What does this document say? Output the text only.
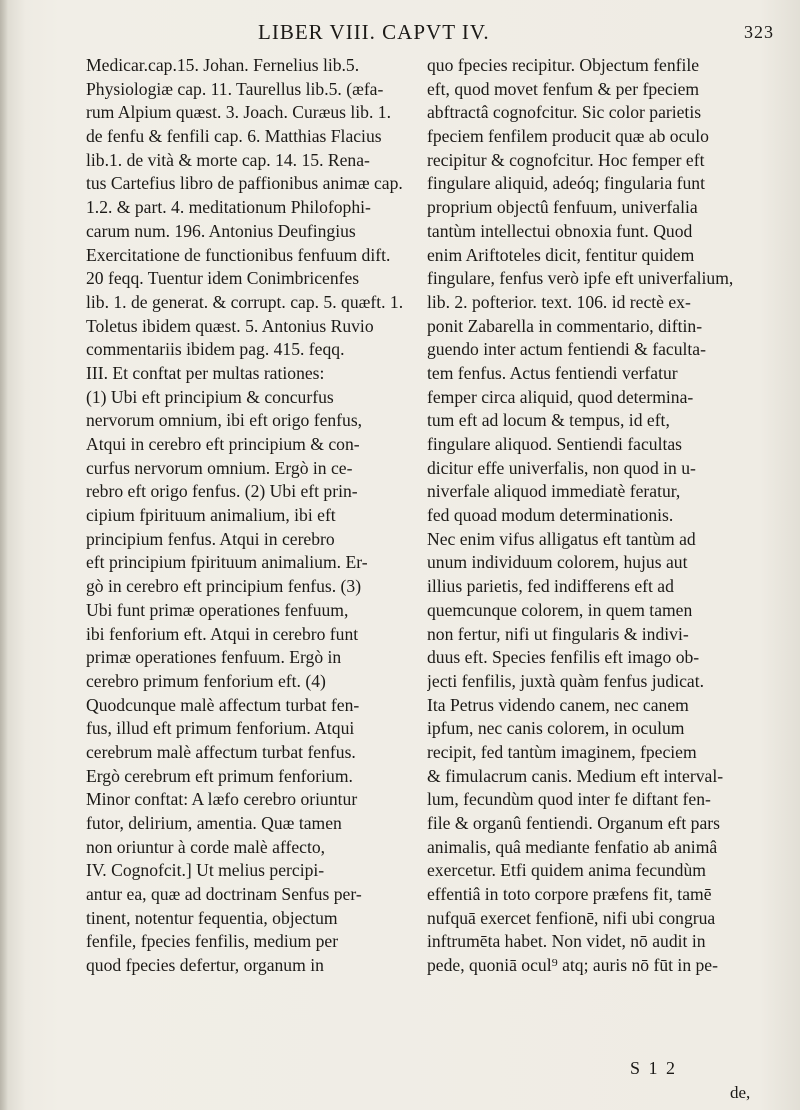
LIBER VIII. CAPVT IV.	323
Medicar.cap.15. Johan. Fernelius lib.5.
Physiologiæ cap. 11. Taurellus lib.5. (æfa-
rum Alpium quæst. 3. Joach. Curæus lib. 1.
de fenfu & fenfili cap. 6. Matthias Flacius
lib.1. de vità & morte cap. 14. 15. Rena-
tus Cartefius libro de paffionibus animæ cap.
1.2. & part. 4. meditationum Philofophi-
carum num. 196. Antonius Deufingius
Exercitatione de functionibus fenfuum dift.
20 feqq. Tuentur idem Conimbricenfes
lib. 1. de generat. & corrupt. cap. 5. quæft. 1.
Toletus ibidem quæst. 5. Antonius Ruvio
commentariis ibidem pag. 415. feqq.
III. Et conftat per multas rationes:
(1) Ubi eft principium & concurfus
nervorum omnium, ibi eft origo fenfus,
Atqui in cerebro eft principium & con-
curfus nervorum omnium. Ergò in ce-
rebro eft origo fenfus. (2) Ubi eft prin-
cipium fpirituum animalium, ibi eft
principium fenfus. Atqui in cerebro
eft principium fpirituum animalium. Er-
gò in cerebro eft principium fenfus. (3)
Ubi funt primæ operationes fenfuum,
ibi fenforium eft. Atqui in cerebro funt
primæ operationes fenfuum. Ergò in
cerebro primum fenforium eft. (4)
Quodcunque malè affectum turbat fen-
fus, illud eft primum fenforium. Atqui
cerebrum malè affectum turbat fenfus.
Ergò cerebrum eft primum fenforium.
Minor conftat: A læfo cerebro oriuntur
futor, delirium, amentia. Quæ tamen
non oriuntur à corde malè affecto,
IV. Cognofcit.] Ut melius percipi-
antur ea, quæ ad doctrinam Senfus per-
tinent, notentur fequentia, objectum
fenfile, fpecies fenfilis, medium per
quod fpecies defertur, organum in
quo fpecies recipitur. Objectum fenfile
eft, quod movet fenfum & per fpeciem
abftractâ cognofcitur. Sic color parietis
fpeciem fenfilem producit quæ ab oculo
recipitur & cognofcitur. Hoc femper eft
fingulare aliquid, adeóq; fingularia funt
proprium objectû fenfuum, univerfalia
tantùm intellectui obnoxia funt. Quod
enim Ariftoteles dicit, fentitur quidem
fingulare, fenfus verò ipfe eft univerfalium,
lib. 2. pofterior. text. 106. id rectè ex-
ponit Zabarella in commentario, diftin-
guendo inter actum fentiendi & faculta-
tem fenfus. Actus fentiendi verfatur
femper circa aliquid, quod determina-
tum eft ad locum & tempus, id eft,
fingulare aliquod. Sentiendi facultas
dicitur effe univerfalis, non quod in u-
niverfale aliquod immediatè feratur,
fed quoad modum determinationis.
Nec enim vifus alligatus eft tantùm ad
unum individuum colorem, hujus aut
illius parietis, fed indifferens eft ad
quemcunque colorem, in quem tamen
non fertur, nifi ut fingularis & indivi-
duus eft. Species fenfilis eft imago ob-
jecti fenfilis, juxtà quàm fenfus judicat.
Ita Petrus videndo canem, nec canem
ipfum, nec canis colorem, in oculum
recipit, fed tantùm imaginem, fpeciem
& fimulacrum canis. Medium eft interval-
lum, fecundùm quod inter fe diftant fen-
file & organû fentiendi. Organum eft pars
animalis, quâ mediante fenfatio ab animâ
exercetur. Etfi quidem anima fecundùm
effentiâ in toto corpore præfens fit, tamē
nufquā exercet fenfionē, nifi ubi congrua
inftrumēta habet. Non videt, nō audit in
pede, quoniā ocul⁹ atq; auris nō fūt in pe-
S 1 2
de,
